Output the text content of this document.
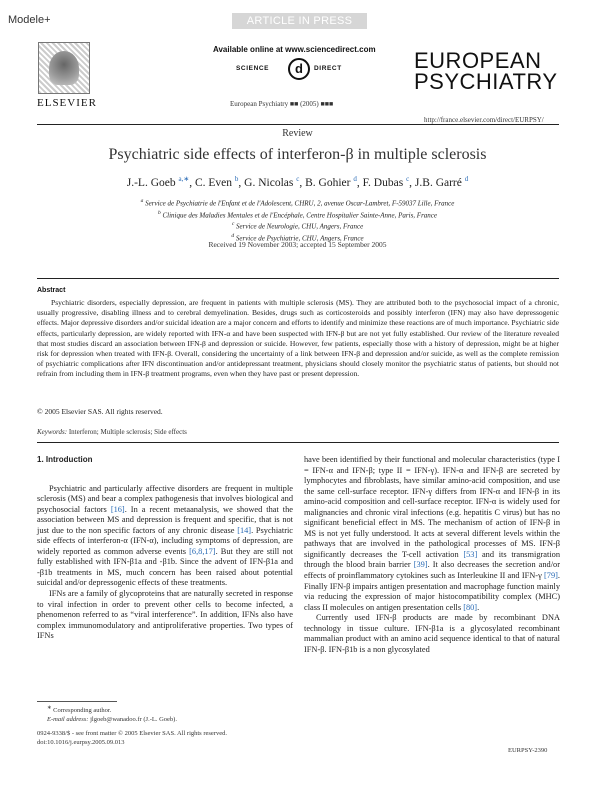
Modele+	ARTICLE IN PRESS
ELSEVIER
Available online at www.sciencedirect.com
SCIENCE	d	DIRECT
European Psychiatry ■■ (2005) ■■■
EUROPEAN
PSYCHIATRY
http://france.elsevier.com/direct/EURPSY/
Review
Psychiatric side effects of interferon-β in multiple sclerosis
J.-L. Goeb $^{a,∗}$, C. Even $^b$, G. Nicolas $^c$, B. Gohier $^d$, F. Dubas $^c$, J.B. Garré $^d$
$^a$ Service de Psychiatrie de l'Enfant et de l'Adolescent, CHRU, 2, avenue Oscar-Lambret, F-59037 Lille, France
$^b$ Clinique des Maladies Mentales et de l'Encéphale, Centre Hospitalier Sainte-Anne, Paris, France
$^c$ Service de Neurologie, CHU, Angers, France
$^d$ Service de Psychiatrie, CHU, Angers, France
Received 19 November 2003; accepted 15 September 2005
Abstract
Psychiatric disorders, especially depression, are frequent in patients with multiple sclerosis (MS). They are attributed both to the psychosocial impact of a chronic, usually progressive, disabling illness and to cerebral demyelination. Besides, drugs such as corticosteroids and possibly interferon (IFN) may also have depressogenic effects. Major depressive disorders and/or suicidal ideation are a major concern and efforts to identify and minimize these reactions are of much importance. Psychiatric side effects, particularly depression, are widely reported with IFN-α and have been suspected with IFN-β but are not yet fully established. Our review of the literature revealed that most studies discard an association between IFN-β and depression or suicide. However, few patients, especially those with a history of depression, might be at higher risk for depression when treated with IFN-β. Overall, considering the uncertainty of a link between IFN-β and depression and/or suicide, as well as the complete remission of psychiatric complications after IFN discontinuation and/or antidepressant treatment, physicians should closely monitor the psychiatric status of patients, but should not refrain from including them in IFN-β treatment programs, even when they have past or present depression.
© 2005 Elsevier SAS. All rights reserved.
Keywords: Interferon; Multiple sclerosis; Side effects

1. Introduction

Psychiatric and particularly affective disorders are frequent in multiple sclerosis (MS) and bear a complex pathogenesis that involves biological and psychosocial factors [16]. In a recent metaanalysis, we showed that the association between MS and depression is frequent and specific, that is not just due to the non specific factors of any chronic disease [14]. Psychiatric side effects of interferon-α (IFN-α), including symptoms of depression, are widely reported as common adverse events [6,8,17]. But they are still not fully established with IFN-β1a and -β1b. Since the advent of IFN-β1a and -β1b treatments in MS, much concern has been raised about potential suicidal and/or depressogenic effects of these treatments.

IFNs are a family of glycoproteins that are naturally secreted in response to viral infection in order to prevent other cells to become infected, a phenomenon referred to as “viral interference”. In addition, IFNs also have complex immunomodulatory and antiproliferative properties. Two types of IFNs

have been identified by their functional and molecular characteristics (type I = IFN-α and IFN-β; type II = IFN-γ). IFN-α and IFN-β are secreted by lymphocytes and fibroblasts, have similar amino-acid composition, and use the same cell-surface receptor. IFN-γ differs from IFN-α and IFN-β in its amino-acid composition and cell-surface receptor. IFN-α is widely used for malignancies and chronic viral infections (e.g. hepatitis C virus) but has no significant beneficial effect in MS. The mechanism of action of IFN-β in MS is not yet fully understood. It acts at several different levels within the pathways that are involved in the pathological processes of MS. IFN-β significantly decreases the T-cell activation [53] and its transmigration through the blood brain barrier [39]. It also decreases the secretion and/or effects of proinflammatory cytokines such as Interleukine II and IFN-γ [79]. Finally IFN-β impairs antigen presentation and macrophage function mainly via reducing the expression of major histocompatibility complex (MHC) class II molecules on antigen presentation cells [80].

Currently used IFN-β products are made by recombinant DNA technology in tissue culture. IFN-β1a is a glycosylated recombinant mammalian product with an amino acid sequence identical to that of natural IFN-β. IFN-β1b is a non glycosylated

∗ Corresponding author.
E-mail address: jlgoeb@wanadoo.fr (J.-L. Goeb).
0924-9338/$ - see front matter © 2005 Elsevier SAS. All rights reserved.
doi:10.1016/j.eurpsy.2005.09.013
EURPSY-2390
